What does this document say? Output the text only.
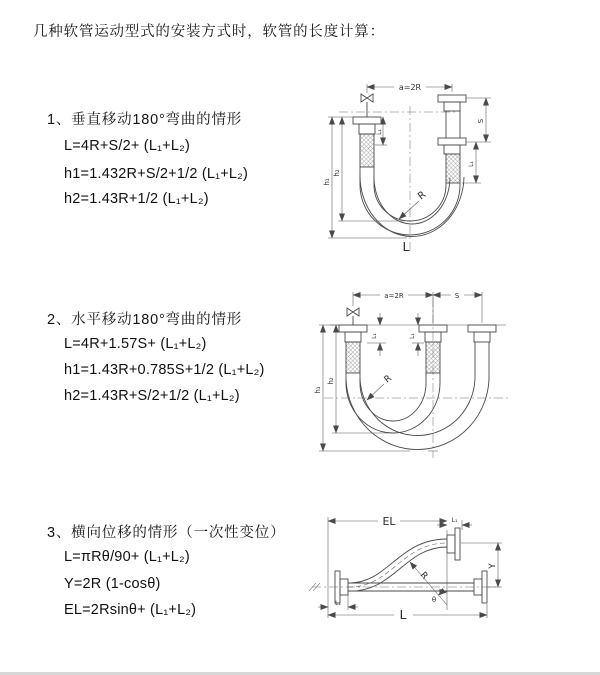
几种软管运动型式的安装方式时，软管的长度计算：
1、垂直移动180°弯曲的情形
L=4R+S/2+ (L₁+L₂)
h1=1.432R+S/2+1/2 (L₁+L₂)
h2=1.43R+1/2 (L₁+L₂)
2、水平移动180°弯曲的情形
L=4R+1.57S+ (L₁+L₂)
h1=1.43R+0.785S+1/2 (L₁+L₂)
h2=1.43R+S/2+1/2 (L₁+L₂)
3、横向位移的情形（一次性变位）
L=πRθ/90+ (L₁+L₂)
Y=2R (1-cosθ)
EL=2Rsinθ+ (L₁+L₂)
a=2R
h₁
h₂
L₁
S
L₁
R
L
a=2R	S
h₁
h₂
L₁	L₁
R
EL	L₁
Y
L
L₁
R
θ
